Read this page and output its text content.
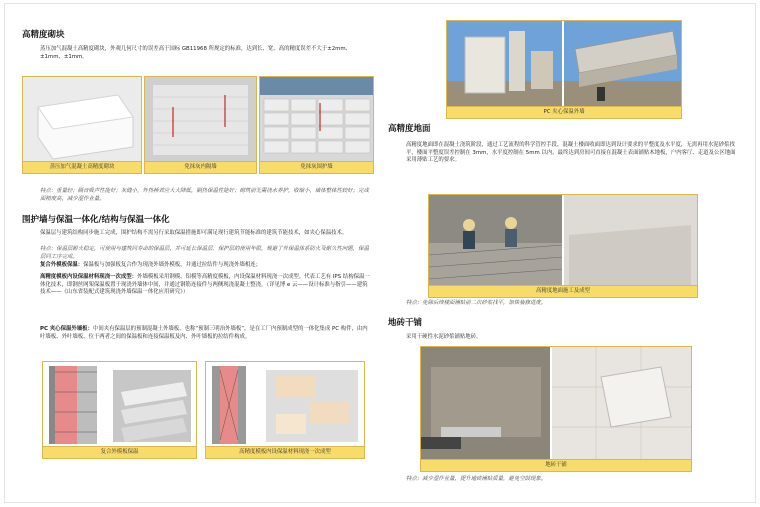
高精度砌块

蒸压加气混凝土高精度砌块，外观几何尺寸的误差高于国标 GB11968 所规定的标准，达到长、宽、高的精度误差不大于±2mm、±1mm、±1mm。

蒸压加气混凝土高精度砌块	免抹灰内隔墙	免抹灰围护墙

特点：重量轻；隔音吸声性能好；灰缝小，外热桥效应大大降低，隔热保温性能好；砌筑前无需浇水养护，收缩小，墙体整体性较好；完成面精度高，减少湿作业量。

围护墙与保温一体化/结构与保温一体化

保温层与建筑结构同步施工完成，围护结构不需另行采取保温措施即可满足现行建筑节能标准的建筑节能技术，如夹心保温技术。

特点：保温层耐火稳定，可使用与建筑同寿命的保温层，并可延长保温层、保护层的使用年限，规避了外保温体系防火及耐久性问题，保温层同工序完成。

复合外模板保温：保温板与加强板复合作为现浇外墙外模板，并通过拉结件与现浇外墙相连；

高精度模板内设保温材料现浇一次成型：外墙模板采用钢模、铝模等高精度模板，内设保温材料现浇一次成型。代表工艺有 IPS 结构保温一体化技术，即钢丝网架保温板置于现浇外墙体中间，并通过钢筋连接件与两侧现浇混凝土整浇。（详见博 e 云——设计标准与指引——建筑技术——《山东省装配式建筑现浇外墙保温一体化应用研究》）

PC 夹心保温外墙板：中间夹有保温层的预制混凝土外墙板，也称“预制三明治外墙板”，是在工厂内预制成型的一体化集成 PC 构件，由内叶墙板、外叶墙板、位于两者之间的保温板和连接保温板及内、外叶墙板的拉结件构成。

复合外模板保温	高精度模板内设保温材料现浇一次成型
PC 夹心保温外墙
高精度地面

高精度地面即在混凝土浇筑阶段，通过工艺流程的科学管控手段，混凝土楼面收面即达到设计要求的平整度及水平度，无需再用水泥砂浆找平，楼面平整度误差控制在 3mm，水平度控制在 5mm 以内，最终达到房间可直接在混凝土表面铺贴木地板，户内客厅、走道及公区地面采用薄贴工艺的要求。

高精度地面施工及成型

特点：免除后续楼面铺贴前二次砂浆找平，加快装修进度。

地砖干铺

采用干硬性水泥砂浆铺贴地砖。

地砖干铺

特点：减少湿作业量，提升地砖铺贴质量，避免空鼓现象。
